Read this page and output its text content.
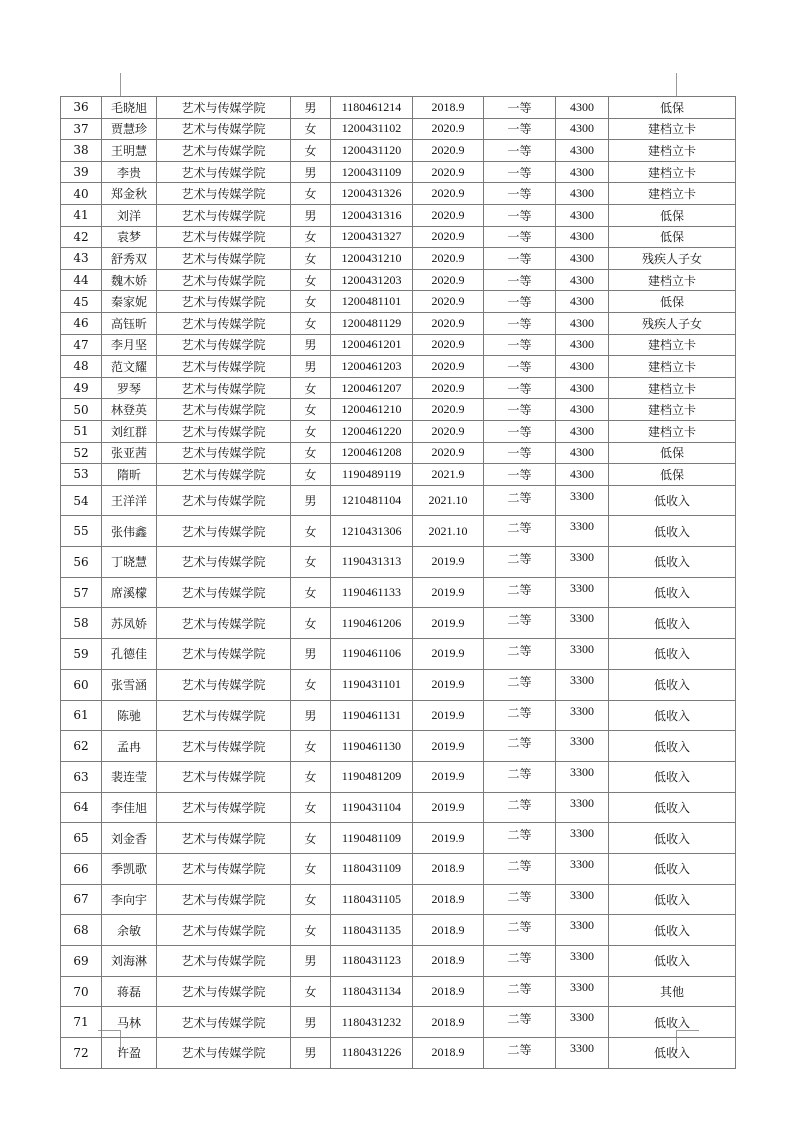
36	毛晓旭	艺术与传媒学院	男	1180461214	2018.9	一等	4300	低保
37	贾慧珍	艺术与传媒学院	女	1200431102	2020.9	一等	4300	建档立卡
38	王明慧	艺术与传媒学院	女	1200431120	2020.9	一等	4300	建档立卡
39	李贵	艺术与传媒学院	男	1200431109	2020.9	一等	4300	建档立卡
40	郑金秋	艺术与传媒学院	女	1200431326	2020.9	一等	4300	建档立卡
41	刘洋	艺术与传媒学院	男	1200431316	2020.9	一等	4300	低保
42	袁梦	艺术与传媒学院	女	1200431327	2020.9	一等	4300	低保
43	舒秀双	艺术与传媒学院	女	1200431210	2020.9	一等	4300	残疾人子女
44	魏木娇	艺术与传媒学院	女	1200431203	2020.9	一等	4300	建档立卡
45	秦家妮	艺术与传媒学院	女	1200481101	2020.9	一等	4300	低保
46	高钰昕	艺术与传媒学院	女	1200481129	2020.9	一等	4300	残疾人子女
47	李月坚	艺术与传媒学院	男	1200461201	2020.9	一等	4300	建档立卡
48	范文耀	艺术与传媒学院	男	1200461203	2020.9	一等	4300	建档立卡
49	罗琴	艺术与传媒学院	女	1200461207	2020.9	一等	4300	建档立卡
50	林登英	艺术与传媒学院	女	1200461210	2020.9	一等	4300	建档立卡
51	刘红群	艺术与传媒学院	女	1200461220	2020.9	一等	4300	建档立卡
52	张亚茜	艺术与传媒学院	女	1200461208	2020.9	一等	4300	低保
53	隋昕	艺术与传媒学院	女	1190489119	2021.9	一等	4300	低保
54	王洋洋	艺术与传媒学院	男	1210481104	2021.10	二等	3300	低收入
55	张伟鑫	艺术与传媒学院	女	1210431306	2021.10	二等	3300	低收入
56	丁晓慧	艺术与传媒学院	女	1190431313	2019.9	二等	3300	低收入
57	席溪檬	艺术与传媒学院	女	1190461133	2019.9	二等	3300	低收入
58	苏凤娇	艺术与传媒学院	女	1190461206	2019.9	二等	3300	低收入
59	孔德佳	艺术与传媒学院	男	1190461106	2019.9	二等	3300	低收入
60	张雪涵	艺术与传媒学院	女	1190431101	2019.9	二等	3300	低收入
61	陈驰	艺术与传媒学院	男	1190461131	2019.9	二等	3300	低收入
62	孟冉	艺术与传媒学院	女	1190461130	2019.9	二等	3300	低收入
63	裴连莹	艺术与传媒学院	女	1190481209	2019.9	二等	3300	低收入
64	李佳旭	艺术与传媒学院	女	1190431104	2019.9	二等	3300	低收入
65	刘金香	艺术与传媒学院	女	1190481109	2019.9	二等	3300	低收入
66	季凯歌	艺术与传媒学院	女	1180431109	2018.9	二等	3300	低收入
67	李向宇	艺术与传媒学院	女	1180431105	2018.9	二等	3300	低收入
68	余敏	艺术与传媒学院	女	1180431135	2018.9	二等	3300	低收入
69	刘海淋	艺术与传媒学院	男	1180431123	2018.9	二等	3300	低收入
70	蒋磊	艺术与传媒学院	女	1180431134	2018.9	二等	3300	其他
71	马林	艺术与传媒学院	男	1180431232	2018.9	二等	3300	低收入
72	许盈	艺术与传媒学院	男	1180431226	2018.9	二等	3300	低收入
